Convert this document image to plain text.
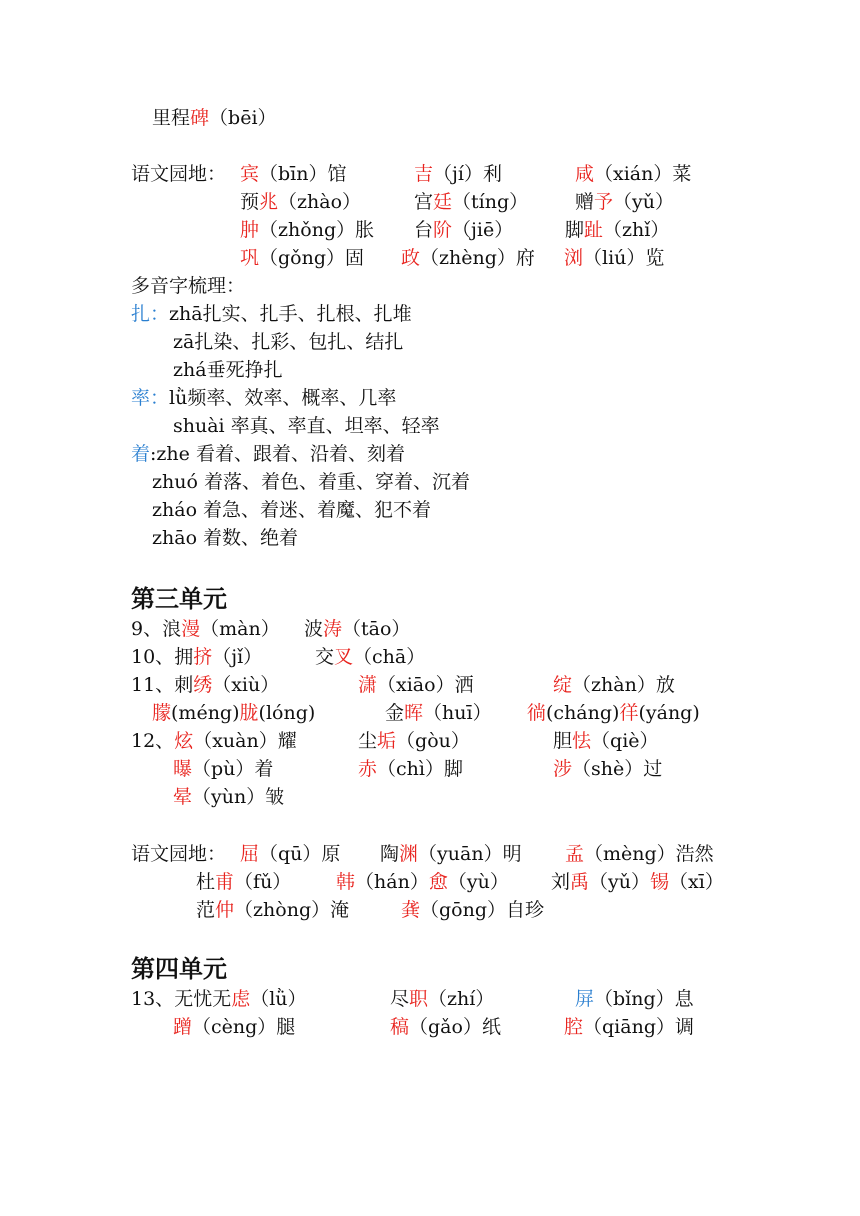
里程碑（bēi）
语文园地： 宾（bīn）馆	吉（jí）利	咸（xián）菜
预兆（zhào）	宫廷（tíng） 赠予（yǔ）
肿（zhǒng）胀 台阶（jiē）	脚趾（zhǐ）
巩（gǒng）固 政（zhèng）府 浏（liú）览
多音字梳理：
扎：zhā扎实、扎手、扎根、扎堆
zā扎染、扎彩、包扎、结扎
zhá垂死挣扎
率：lǜ频率、效率、概率、几率
shuài 率真、率直、坦率、轻率
着:zhe 看着、跟着、沿着、刻着
zhuó 着落、着色、着重、穿着、沉着
zháo 着急、着迷、着魔、犯不着
zhāo 着数、绝着
第三单元
9、浪漫（màn） 波涛（tāo）
10、拥挤（jǐ）	交叉（chā）
11、刺绣（xiù）	潇（xiāo）洒	绽（zhàn）放
朦(méng)胧(lóng)	金晖（huī） 徜(cháng)徉(yáng)
12、炫（xuàn）耀	尘垢（gòu）	胆怯（qiè）
曝（pù）着	赤（chì）脚	涉（shè）过
晕（yùn）皱
语文园地： 屈（qū）原 陶渊（yuān）明 孟（mèng）浩然
杜甫（fǔ） 韩（hán）愈（yù） 刘禹（yǔ）锡（xī）
范仲（zhòng）淹	龚（gōng）自珍
第四单元
13、无忧无虑（lǜ）	尽职（zhí）	屏（bǐng）息
蹭（cèng）腿	稿（gǎo）纸	腔（qiāng）调
